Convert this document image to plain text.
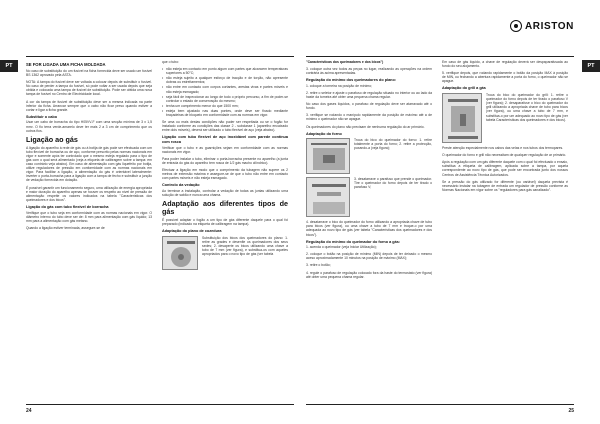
PT	SE FOR LIGADA UMA FICHA MOLDADA

No caso de substituição do um fusível na ficha fornecida deve ser usado um fusível BS 1362 aprovado pela ASTA.

NOTA: A tampa do fusível deve ser voltada a colocar depois de substituir o fusível. No caso de perder a tampa do fusível, só pode voltar a ser usada depois que seja obtida e colocada uma tampa de fusível de substituição. Pode ser obtida uma nova tampa de fusível no Centro de Electricidade local.

A cor da tampa de fusível de substituição deve ser a mesma indicada na parte inferior da ficha. Arrancar sempre que o cabo não ficar preso quando estiver a cortar e ligar a ficha grande.

Substituir o cabo

Usar um cabo de borracha do tipo H05VV-F com uma secção mínima de 3 x 1,5 mm². O fio terra verde-amarelo deve ter mais 2 a 3 cm de comprimento que os outros fios.

Ligação ao gás

A ligação do aparelho à rede de gás ou à botija de gás pode ser efectuada com um tubo flexível de borracha ou de aço, conforme prescrito pelas normas nacionais em vigor e somente após ter controlado que o mesmo esteja regulado para o tipo de gás com o qual será alimentado (veja a etiqueta de calibragem sobre a tampa: em caso contrário veja abaixo). Em caso de alimentação com gás liquefeito por botija, utilize reguladores de pressão em conformidade com as normas nacionais em vigor. Para facilitar a ligação, a alimentação do gás é orientável lateralmente: inverter o porta-borracha para a ligação com a tampa de fecho e substituir a junção de vedação fornecida em dotação.

É possível garantir um funcionamento seguro, uma utilização de energia apropriada e maior duração do aparelho apenas se houver os respeito ao nível de pressão de alimentação respeite os valores indicados na tabela "Características dos queimadores e dos bicos".

Ligação do gás com tubo flexível de borracha

Verifique que o tubo seja em conformidade com as normas nacionais em vigor. O diâmetro interno do tubo deve ser de: 8 mm para alimentação com gás líquido; 13 mm para a alimentação com gás metano.

Quando a ligação estiver terminada, assegure-se de

que o tubo:

• não esteja em contacto em ponto algum com partes que alcancem temperaturas superiores a 50°C;
• não esteja sujeito a qualquer esforço de tracção e de torção, não apresente dobras ou estreitamentos;
• não entre em contacto com corpos cortantes, arestas vivas e partes móveis e não esteja esmagado;
• seja fácil de inspeccionar ao longo de todo o próprio percurso, a fim de poder-se controlar o estado de conservação do mesmo;
• tenha um comprimento menor do que 1500 mm;
• esteja bem ajustado nas duas pontes, onde deve ser fixado mediante braçadeiras de bloqueio em conformidade com as normas em vigor.

Se uma ou mais destas condições não puder ser respeitada ou se o fogão for instalado conforme as condições das classe 2 - subclasse 1 (aparelho encaixado entre dois móveis), deverá ser utilizado o tubo flexível de aço (veja abaixo).

Ligação com tubo flexível de aço inoxidável com parede contínua com rosca

Verificar que o tubo e as guarnições sejam em conformidade com as normas nacionais em vigor.

Para poder instalar o tubo, eliminar o porta-borracha presente no aparelho (a junta de entrada do gás do aparelho tem rosca de 1/2 gás macho cilíndrico).

Efectuar a ligação em modo que o comprimento da tubagem não supere os 2 metros de extensão máxima e assegure-se de que o tubo não entre em contacto com partes móveis e não esteja esmagado.

Controlo da vedação

Ao terminar a instalação, controlar a vedação de todas as juntas utilizando uma solução de sabão e nunca uma chama.

Adaptação aos diferentes tipos de gás

É possível adaptar o fogão a um tipo de gás diferente daquele para o qual foi preparado (indicado na etiqueta de calibragem na tampa).

Adaptação do plano de cozedura

Substituição dos bicos dos queimadores do plano: 1. retire as grades e desenfie os queimadores dos seus sedes; 2. desaperte os bicos utilizando uma chave a tubo de 7 mm (ver figura), e substitua-os com aqueles apropriados para o novo tipo de gás (ver tabela

24
ARISTON
PT

"Características dos queimadores e dos bicos")

3. coloque outra vez todos as peças no lugar, realizando as operações na ordem contrária às acima apresentadas.

Regulação do mínimo dos queimadores do plano:

1. coloque a torneira na posição de mínimo;

2. retire o seletor e ajuste o parafuso de regulação situado no interior ou ao lado da haste da torneira até obter uma pequena chama regular.

No caso dos gases líquidos, o parafuso de regulação deve ser atarraxado até o fundo.

3. verifique se rodando o manípulo rapidamente da posição de máximo até a de mínimo o queimador não se apague.

Os queimadores do plano não precisam de nenhuma regulação do ar primário.

Adaptação do forno

Troca do bico do queimador do forno: 1. retire totalmente a porta do forno; 2. retire a protecção, puxando-a (veja figura);

3. desatarraxe o parafuso que prende o queimador. Tire o queimador do forno depois de ter tirado o parafuso V;

4. desatarraxe o bico do queimador do forno utilizando a apropriada chave de tubo para bicos (ver figura), ou uma chave a tubo de 7 mm e troque-o por uma adequada ao novo tipo de gás (ver tabela "Características dos queimadores e dos bicos").

Regulação do mínimo do queimador do forno a gás:

1. acenda o queimador (veja Iniciar Utilização);

2. coloque o botão na posição de mínimo (MIN) depois de ter deixado o mesmo aceso aproximadamente 10 minutos na posição de máximo (MAX);

3. retire o botão;

4. regule o parafuso de regulação colocado fora da haste do termostato (ver figura) até obter uma pequena chama regular.

Em caso de gás líquido, a chave de regulação deverá ser despaparafusada ao fundo do seu alojamento.

5. verifique depois, que rodando rapidamente o botão da posição MAX à posição de MIN, ou fechando a abertura rapidamente a porta do forno, o queimador não se apague.

Adaptação do grill a gás

Troca do bico do queimador do grill: 1. retire o queimador do forno depois de ter tirado o parafuso V (ver figura); 2. desaparafuse o bico do queimador do grill utilizando a apropriada chave de tubo para bicos (ver figura), ou uma chave a tubo de 7 mm, e substitua-o por um adequado ao novo tipo de gás (ver tabela Características dos queimadores e dos bicos).

Preste atenção especialmente nos cabos das velas e nos tubos dos termopares.

O queimador do forno e grill não necessitam de qualquer regulação de ar primário.

Após a regulação com um gás diferente daquele com o qual foi efectuado o ensaio, substitua a etiqueta de calibragem, aplicada sobre a tampa, por aquela correspondente ao novo tipo de gás, que pode ser encontrada junto dos nossos Centros de Assistência Técnica Autorizados.

Se a pressão do gás utilizado for diferente (ou variável) daquela prevista é necessário instalar na tubagem de entrada um regulador de pressão conforme as Normas Nacionais em vigor sobre os "reguladores para gás canalizado".

25
